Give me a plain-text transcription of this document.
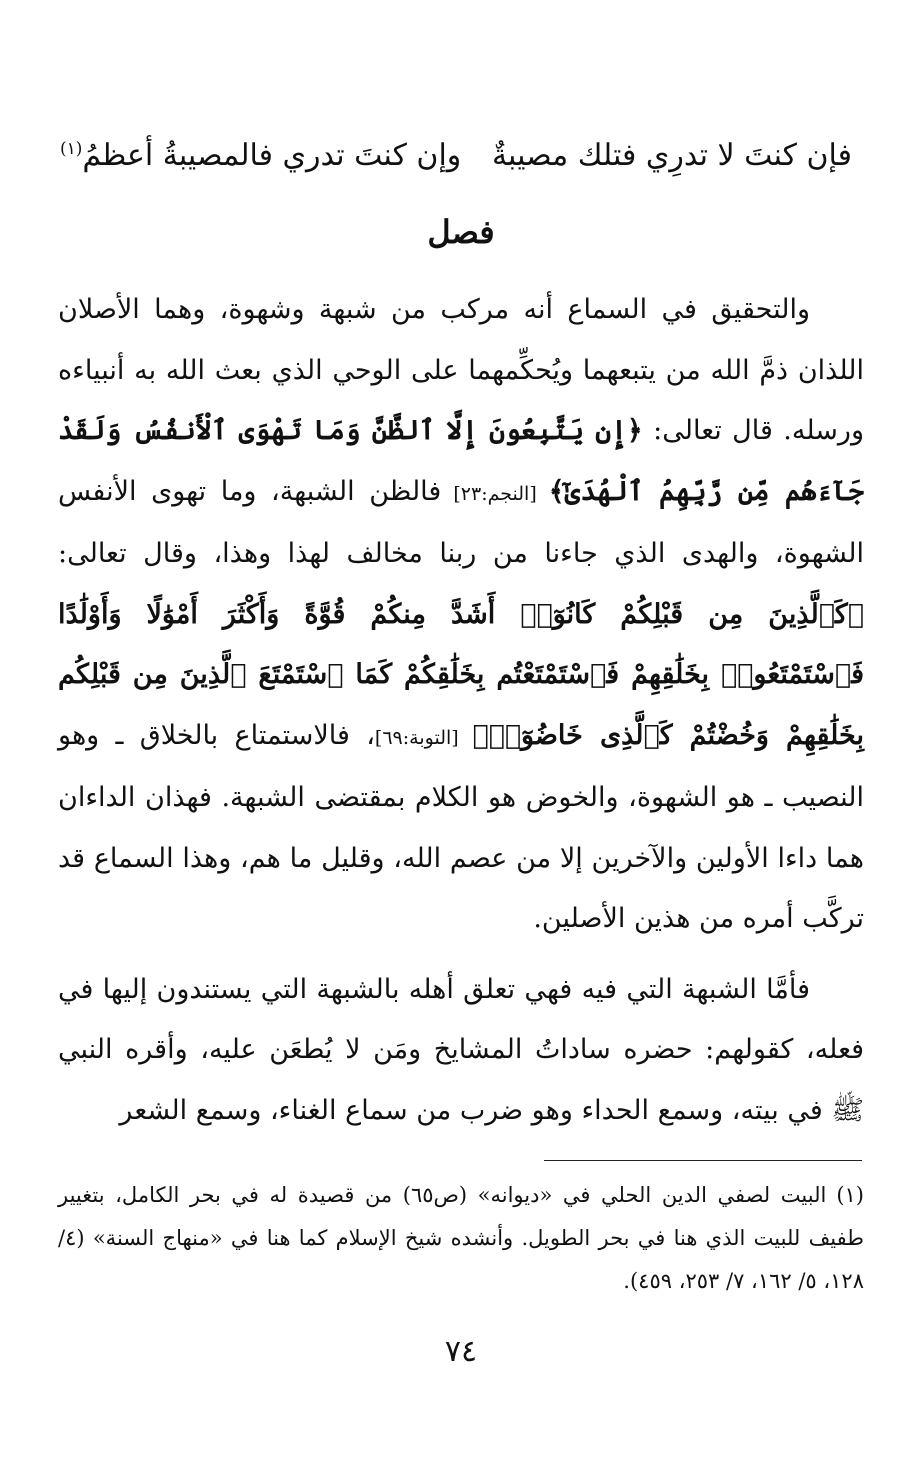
فإن كنتَ لا تدرِي فتلك مصيبةٌ
وإن كنتَ تدري فالمصيبةُ أعظمُ$^{(١)}$
فصل

والتحقيق في السماع أنه مركب من شبهة وشهوة، وهما الأصلان اللذان ذمَّ الله من يتبعهما ويُحكِّمهما على الوحي الذي بعث الله به أنبياءه ورسله. قال تعالى: ﴿إِن يَتَّبِعُونَ إِلَّا ٱلظَّنَّ وَمَا تَهْوَى ٱلْأَنفُسُ وَلَقَدْ جَآءَهُم مِّن رَّبِّهِمُ ٱلْهُدَىٰٓ﴾ [النجم:٢٣] فالظن الشبهة، وما تهوى الأنفس الشهوة، والهدى الذي جاءنا من ربنا مخالف لهذا وهذا، وقال تعالى: ﴿كَٱلَّذِينَ مِن قَبْلِكُمْ كَانُوٓا۟ أَشَدَّ مِنكُمْ قُوَّةً وَأَكْثَرَ أَمْوَٰلًا وَأَوْلَٰدًا فَٱسْتَمْتَعُوا۟ بِخَلَٰقِهِمْ فَٱسْتَمْتَعْتُم بِخَلَٰقِكُمْ كَمَا ٱسْتَمْتَعَ ٱلَّذِينَ مِن قَبْلِكُم بِخَلَٰقِهِمْ وَخُضْتُمْ كَٱلَّذِى خَاضُوٓا۟﴾ [التوبة:٦٩]، فالاستمتاع بالخلاق ـ وهو النصيب ـ هو الشهوة، والخوض هو الكلام بمقتضى الشبهة. فهذان الداءان هما داءا الأولين والآخرين إلا من عصم الله، وقليل ما هم، وهذا السماع قد تركَّب أمره من هذين الأصلين.

فأمَّا الشبهة التي فيه فهي تعلق أهله بالشبهة التي يستندون إليها في فعله، كقولهم: حضره ساداتُ المشايخ ومَن لا يُطعَن عليه، وأقره النبي ﷺ في بيته، وسمع الحداء وهو ضرب من سماع الغناء، وسمع الشعر

(١)البيت لصفي الدين الحلي في «ديوانه» (ص٦٥) من قصيدة له في بحر الكامل، بتغيير طفيف للبيت الذي هنا في بحر الطويل. وأنشده شيخ الإسلام كما هنا في «منهاج السنة» (٤/ ١٢٨، ٥/ ١٦٢، ٧/ ٢٥٣، ٤٥٩).
٧٤
